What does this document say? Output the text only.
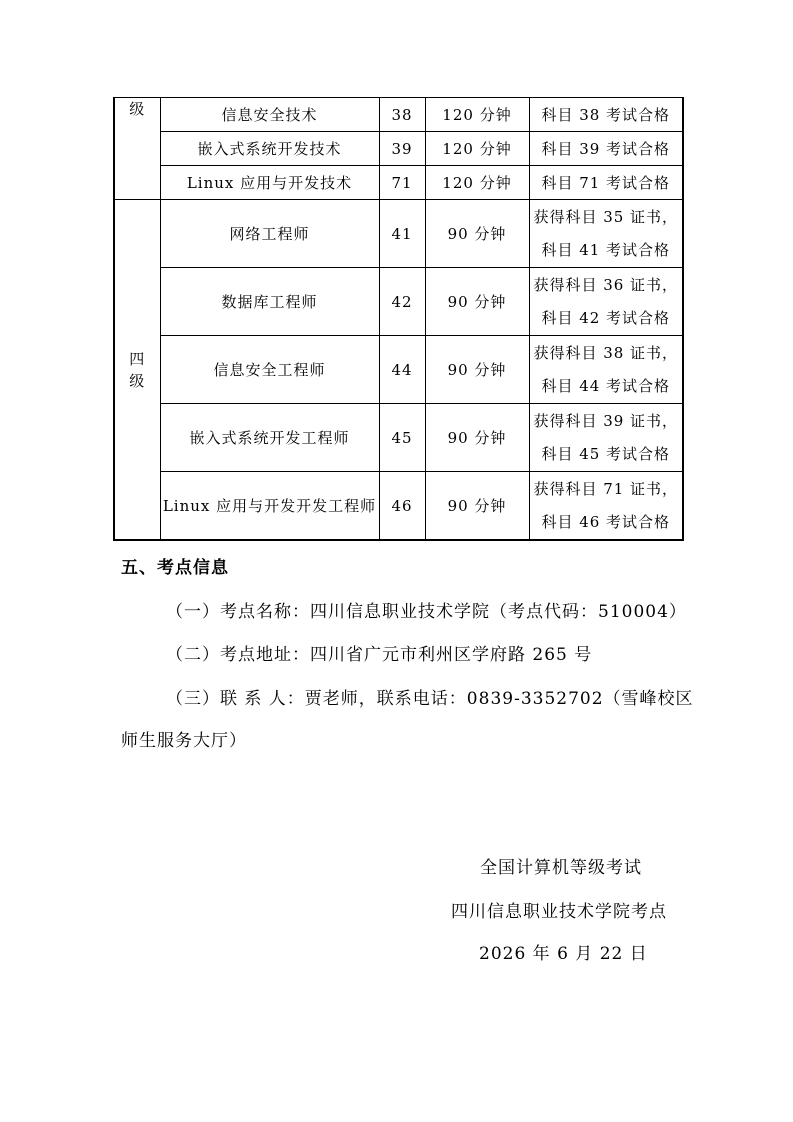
级	信息安全技术	38	120 分钟	科目 38 考试合格
	嵌入式系统开发技术	39	120 分钟	科目 39 考试合格
	Linux 应用与开发技术	71	120 分钟	科目 71 考试合格
四级	网络工程师	41	90 分钟	获得科目 35 证书，
科目 41 考试合格

	数据库工程师	42	90 分钟	获得科目 36 证书，
科目 42 考试合格

	信息安全工程师	44	90 分钟	获得科目 38 证书，
科目 44 考试合格

	嵌入式系统开发工程师	45	90 分钟	获得科目 39 证书，
科目 45 考试合格

	Linux 应用与开发开发工程师	46	90 分钟	获得科目 71 证书，
科目 46 考试合格
五、考点信息
（一）考点名称：四川信息职业技术学院（考点代码：510004）
（二）考点地址：四川省广元市利州区学府路 265 号
（三）联 系 人：贾老师，联系电话：0839-3352702（雪峰校区
师生服务大厅）
全国计算机等级考试
四川信息职业技术学院考点
2026 年 6 月 22 日
